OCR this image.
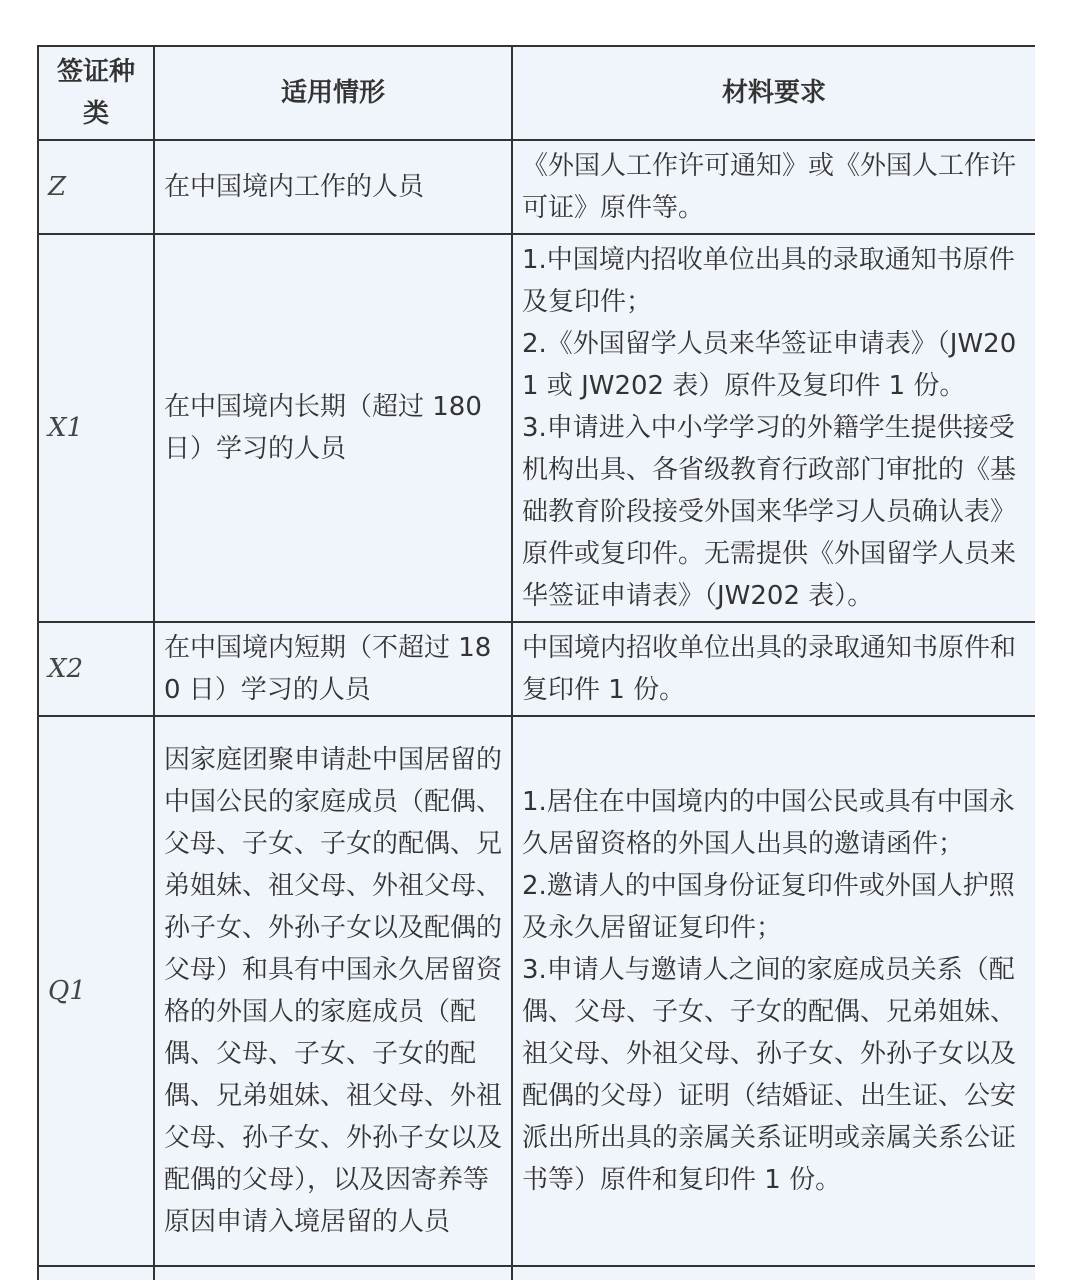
签证种类	适用情形	材料要求
Z	在中国境内工作的人员	《外国人工作许可通知》或《外国人工作许可证》原件等。

X1	在中国境内长期（超过 180 日）学习的人员	1.中国境内招收单位出具的录取通知书原件及复印件；
2.《外国留学人员来华签证申请表》（JW201 或 JW202 表）原件及复印件 1 份。
3.申请进入中小学学习的外籍学生提供接受机构出具、各省级教育行政部门审批的《基础教育阶段接受外国来华学习人员确认表》原件或复印件。无需提供《外国留学人员来华签证申请表》（JW202 表）。

X2	在中国境内短期（不超过 180 日）学习的人员	中国境内招收单位出具的录取通知书原件和复印件 1 份。

Q1	因家庭团聚申请赴中国居留的中国公民的家庭成员（配偶、父母、子女、子女的配偶、兄弟姐妹、祖父母、外祖父母、孙子女、外孙子女以及配偶的父母）和具有中国永久居留资格的外国人的家庭成员（配偶、父母、子女、子女的配偶、兄弟姐妹、祖父母、外祖父母、孙子女、外孙子女以及配偶的父母），以及因寄养等原因申请入境居留的人员	1.居住在中国境内的中国公民或具有中国永久居留资格的外国人出具的邀请函件；
2.邀请人的中国身份证复印件或外国人护照及永久居留证复印件；
3.申请人与邀请人之间的家庭成员关系（配偶、父母、子女、子女的配偶、兄弟姐妹、祖父母、外祖父母、孙子女、外孙子女以及配偶的父母）证明（结婚证、出生证、公安派出所出具的亲属关系证明或亲属关系公证书等）原件和复印件 1 份。
